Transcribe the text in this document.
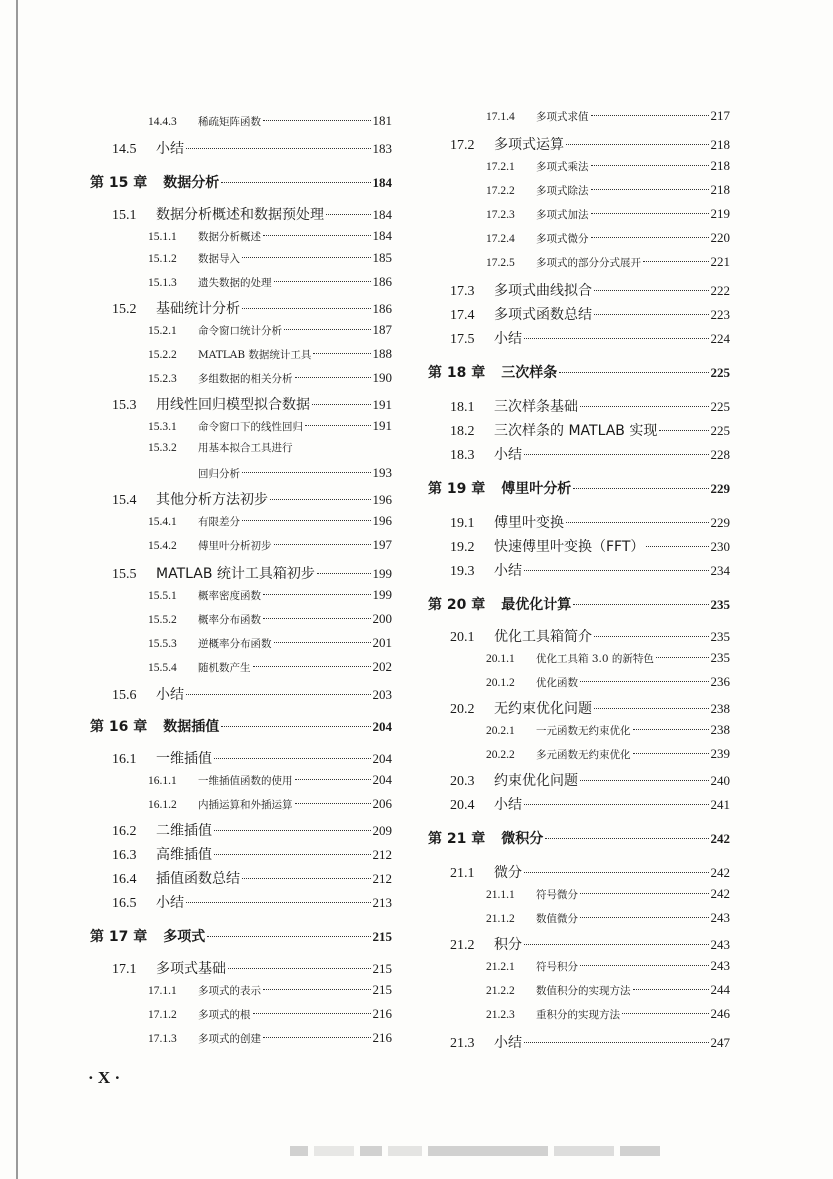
14.4.3	稀疏矩阵函数	181
14.5	小结	183
第 15 章 数据分析	184
15.1	数据分析概述和数据预处理	184
15.1.1	数据分析概述	184
15.1.2	数据导入	185
15.1.3	遗失数据的处理	186
15.2	基础统计分析	186
15.2.1	命令窗口统计分析	187
15.2.2	MATLAB 数据统计工具	188
15.2.3	多组数据的相关分析	190
15.3	用线性回归模型拟合数据	191
15.3.1	命令窗口下的线性回归	191
15.3.2	用基本拟合工具进行
回归分析	193
15.4	其他分析方法初步	196
15.4.1	有限差分	196
15.4.2	傅里叶分析初步	197
15.5	MATLAB 统计工具箱初步	199
15.5.1	概率密度函数	199
15.5.2	概率分布函数	200
15.5.3	逆概率分布函数	201
15.5.4	随机数产生	202
15.6	小结	203
第 16 章 数据插值	204
16.1	一维插值	204
16.1.1	一维插值函数的使用	204
16.1.2	内插运算和外插运算	206
16.2	二维插值	209
16.3	高维插值	212
16.4	插值函数总结	212
16.5	小结	213
第 17 章 多项式	215
17.1	多项式基础	215
17.1.1	多项式的表示	215
17.1.2	多项式的根	216
17.1.3	多项式的创建	216
17.1.4	多项式求值	217
17.2	多项式运算	218
17.2.1	多项式乘法	218
17.2.2	多项式除法	218
17.2.3	多项式加法	219
17.2.4	多项式微分	220
17.2.5	多项式的部分分式展开	221
17.3	多项式曲线拟合	222
17.4	多项式函数总结	223
17.5	小结	224
第 18 章 三次样条	225
18.1	三次样条基础	225
18.2	三次样条的 MATLAB 实现	225
18.3	小结	228
第 19 章 傅里叶分析	229
19.1	傅里叶变换	229
19.2	快速傅里叶变换（FFT）	230
19.3	小结	234
第 20 章 最优化计算	235
20.1	优化工具箱简介	235
20.1.1	优化工具箱 3.0 的新特色	235
20.1.2	优化函数	236
20.2	无约束优化问题	238
20.2.1	一元函数无约束优化	238
20.2.2	多元函数无约束优化	239
20.3	约束优化问题	240
20.4	小结	241
第 21 章 微积分	242
21.1	微分	242
21.1.1	符号微分	242
21.1.2	数值微分	243
21.2	积分	243
21.2.1	符号积分	243
21.2.2	数值积分的实现方法	244
21.2.3	重积分的实现方法	246
21.3	小结	247
· X ·
